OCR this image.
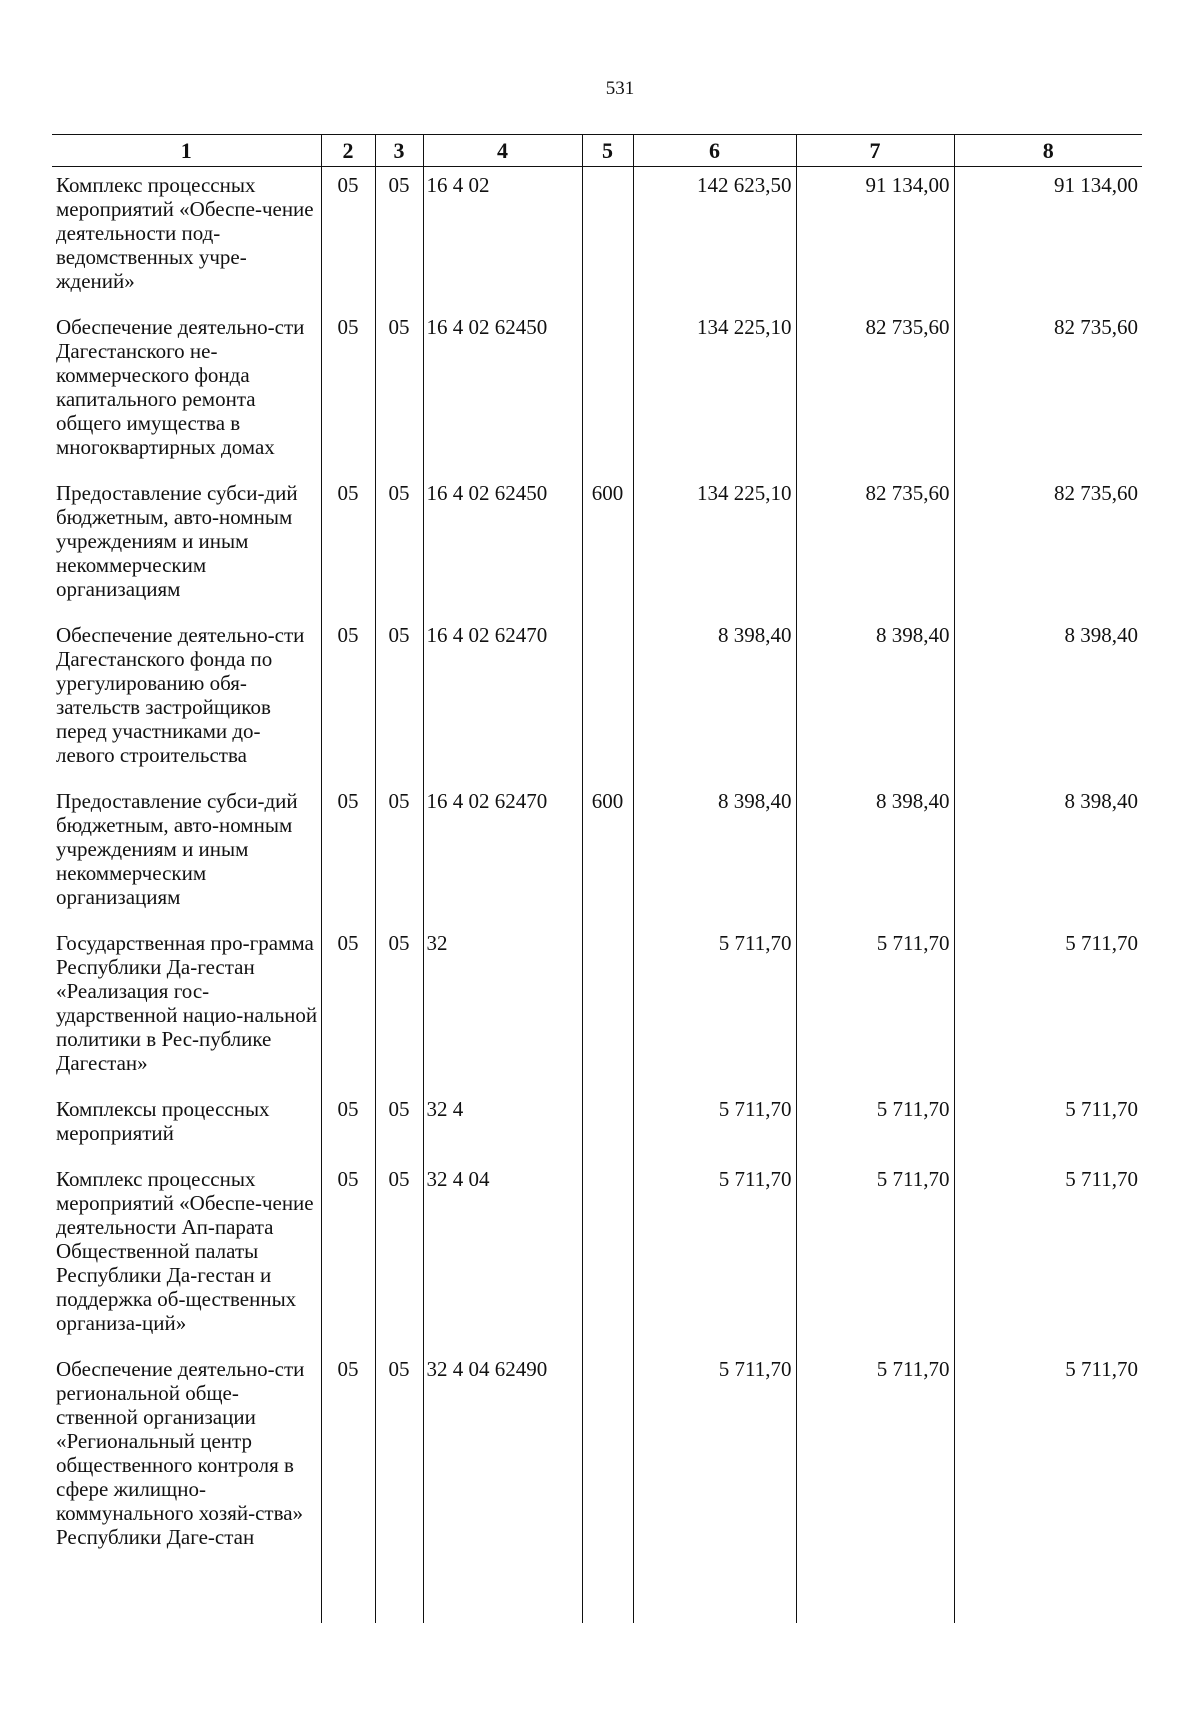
531
1	2	3	4	5	6	7	8
Комплекс процессных мероприятий «Обеспе-чение деятельности под-ведомственных учре-ждений»	05	05	16 4 02		142 623,50	91 134,00	91 134,00
Обеспечение деятельно-сти Дагестанского не-коммерческого фонда капитального ремонта общего имущества в многоквартирных домах	05	05	16 4 02 62450		134 225,10	82 735,60	82 735,60
Предоставление субси-дий бюджетным, авто-номным учреждениям и иным некоммерческим организациям	05	05	16 4 02 62450	600	134 225,10	82 735,60	82 735,60
Обеспечение деятельно-сти Дагестанского фонда по урегулированию обя-зательств застройщиков перед участниками до-левого строительства	05	05	16 4 02 62470		8 398,40	8 398,40	8 398,40
Предоставление субси-дий бюджетным, авто-номным учреждениям и иным некоммерческим организациям	05	05	16 4 02 62470	600	8 398,40	8 398,40	8 398,40
Государственная про-грамма Республики Да-гестан «Реализация гос-ударственной нацио-нальной политики в Рес-публике Дагестан»	05	05	32		5 711,70	5 711,70	5 711,70
Комплексы процессных мероприятий	05	05	32 4		5 711,70	5 711,70	5 711,70
Комплекс процессных мероприятий «Обеспе-чение деятельности Ап-парата Общественной палаты Республики Да-гестан и поддержка об-щественных организа-ций»	05	05	32 4 04		5 711,70	5 711,70	5 711,70
Обеспечение деятельно-сти региональной обще-ственной организации «Региональный центр общественного контроля в сфере жилищно-коммунального хозяй-ства» Республики Даге-стан	05	05	32 4 04 62490		5 711,70	5 711,70	5 711,70
